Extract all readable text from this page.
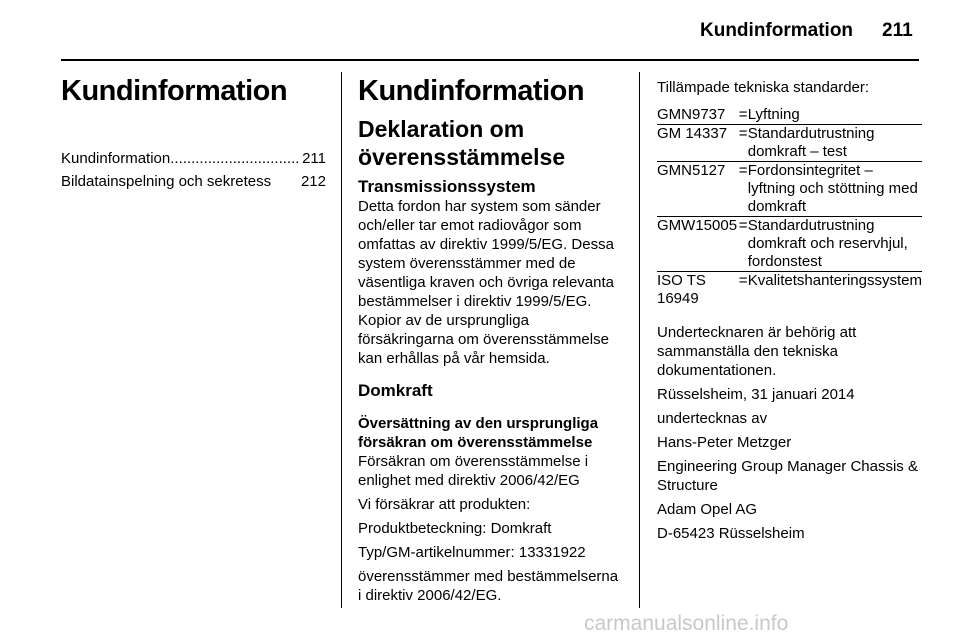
Kundinformation 211
Kundinformation
Kundinformation .....	211
Bildatainspelning och sekretess 212
Kundinformation
Deklaration om överensstämmelse
Transmissionssystem

Detta fordon har system som sänder och/eller tar emot radiovågor som omfattas av direktiv 1999/5/EG. Dessa system överensstämmer med de väsentliga kraven och övriga relevanta bestämmelser i direktiv 1999/5/EG. Kopior av de ursprungliga försäkringarna om överensstämmelse kan erhållas på vår hemsida.

Domkraft
Översättning av den ursprungliga försäkran om överensstämmelse

Försäkran om överensstämmelse i enlighet med direktiv 2006/42/EG

Vi försäkrar att produkten:

Produktbeteckning: Domkraft

Typ/GM-artikelnummer: 13331922

överensstämmer med bestämmelserna i direktiv 2006/42/EG.

Tillämpade tekniska standarder:

GMN9737	=	Lyftning
GM 14337	=	Standardutrustning domkraft – test
GMN5127	=	Fordonsintegritet – lyftning och stöttning med domkraft
GMW15005	=	Standardutrustning domkraft och reservhjul, fordonstest
ISO TS 16949	=	Kvalitetshanteringssystem

Undertecknaren är behörig att sammanställa den tekniska dokumentationen.

Rüsselsheim, 31 januari 2014

undertecknas av

Hans-Peter Metzger

Engineering Group Manager Chassis & Structure

Adam Opel AG

D-65423 Rüsselsheim

carmanualsonline.info
